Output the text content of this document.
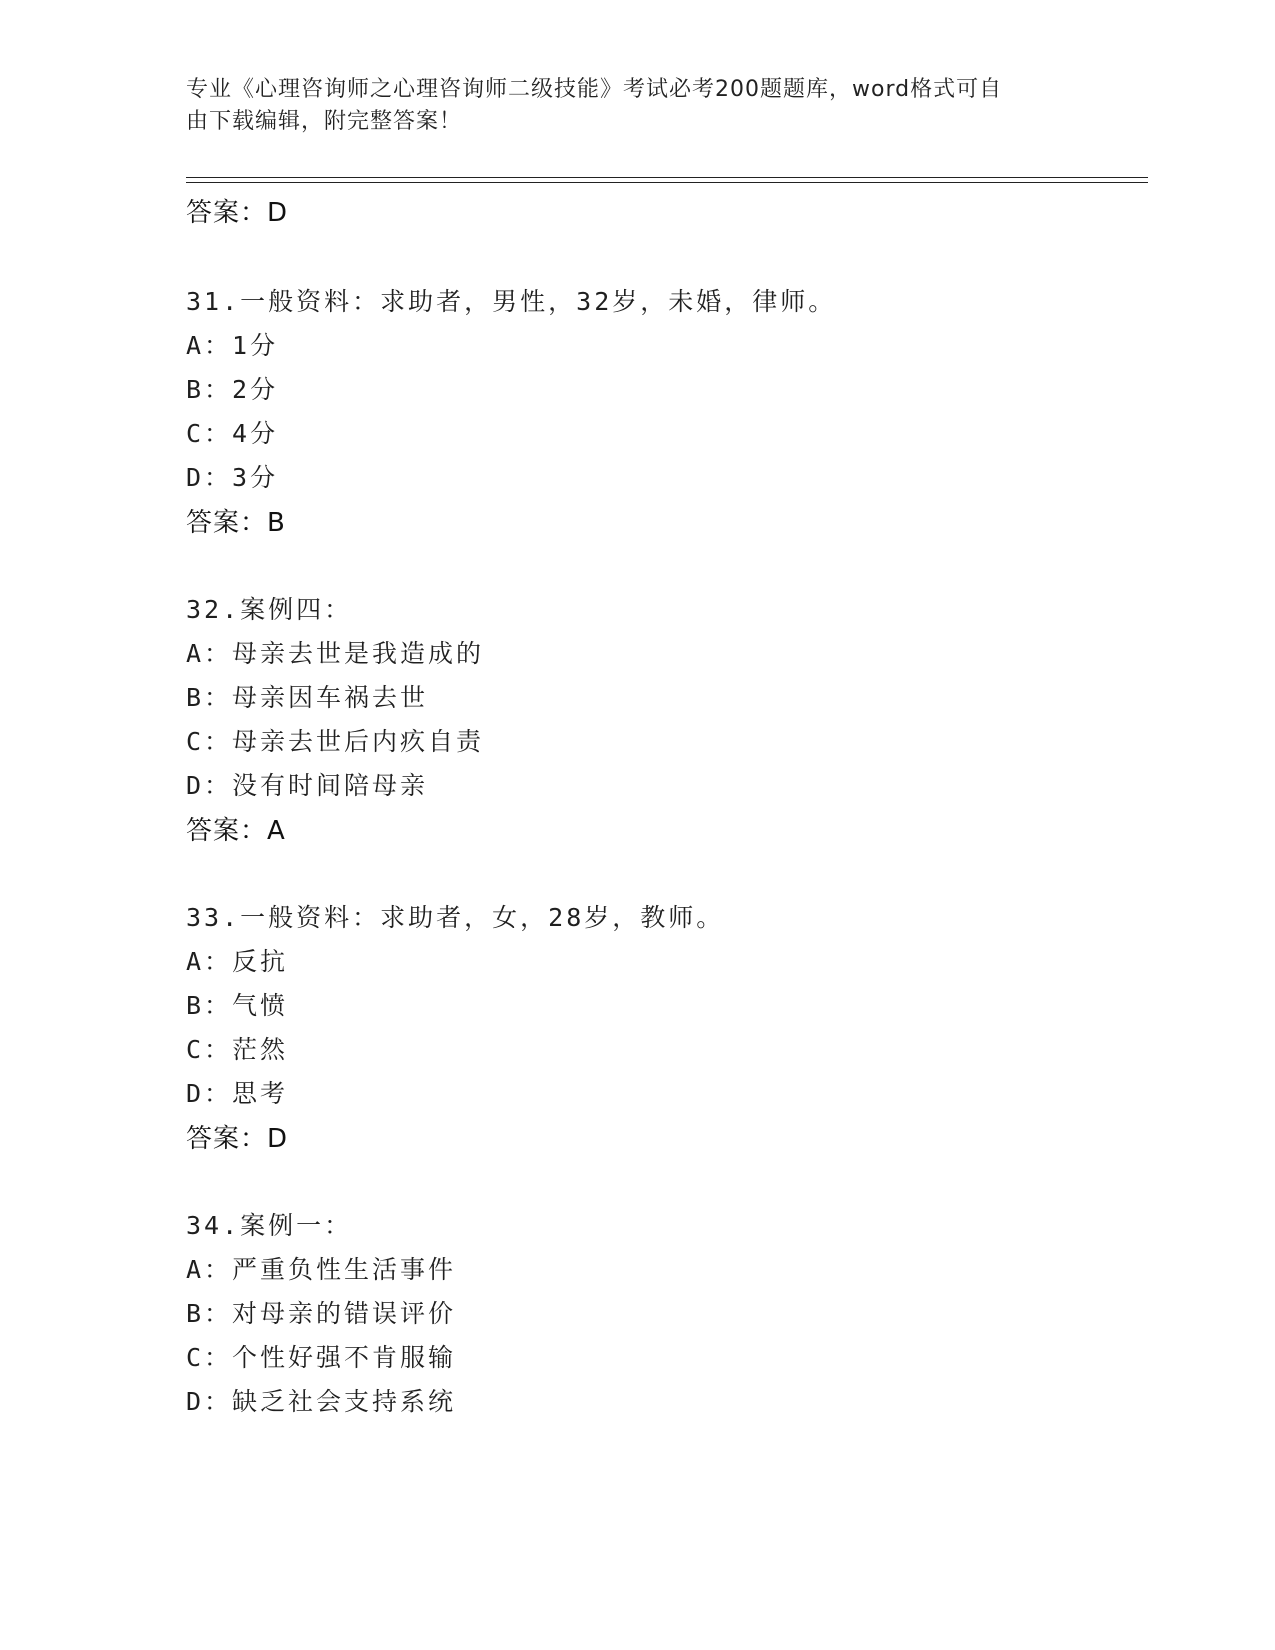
专业《心理咨询师之心理咨询师二级技能》考试必考200题题库，word格式可自
由下载编辑，附完整答案！
答案：D
31.一般资料：求助者，男性，32岁，未婚，律师。
A：1分
B：2分
C：4分
D：3分
答案：B
32.案例四：
A：母亲去世是我造成的
B：母亲因车祸去世
C：母亲去世后内疚自责
D：没有时间陪母亲
答案：A
33.一般资料：求助者，女，28岁，教师。
A：反抗
B：气愤
C：茫然
D：思考
答案：D
34.案例一：
A：严重负性生活事件
B：对母亲的错误评价
C：个性好强不肯服输
D：缺乏社会支持系统
